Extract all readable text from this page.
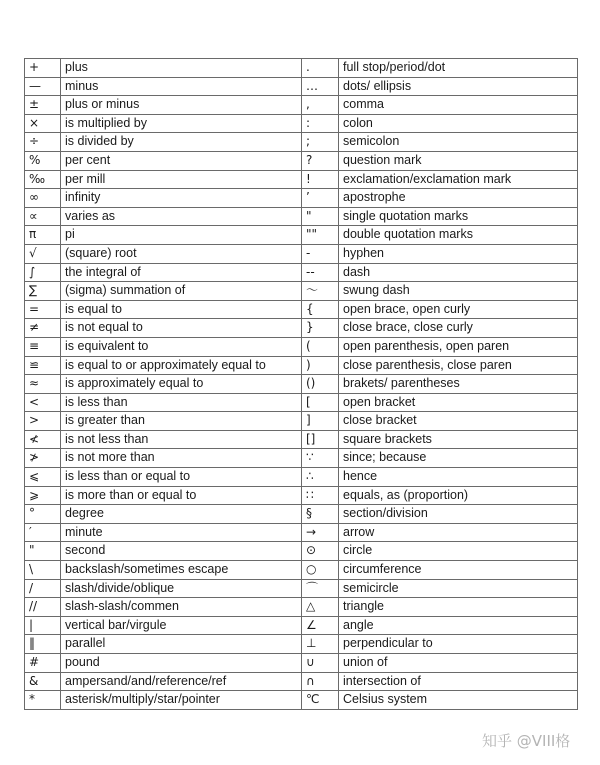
+	plus	.	full stop/period/dot
—	minus	…	dots/ ellipsis
±	plus or minus	,	comma
×	is multiplied by	:	colon
÷	is divided by	;	semicolon
%	per cent	?	question mark
‰	per mill	!	exclamation/exclamation mark
∞	infinity	’	apostrophe
∝	varies as	"	single quotation marks
π	pi	""	double quotation marks
√	(square) root	-	hyphen
∫	the integral of	--	dash
∑	(sigma) summation of	～	swung dash
=	is equal to	{	open brace, open curly
≠	is not equal to	}	close brace, close curly
≡	is equivalent to	(	open parenthesis, open paren
≌	is equal to or approximately equal to	)	close parenthesis, close paren
≈	is approximately equal to	()	brakets/ parentheses
<	is less than	[	open bracket
>	is greater than	]	close bracket
≮	is not less than	[]	square brackets
≯	is not more than	∵	since; because
⩽	is less than or equal to	∴	hence
⩾	is more than or equal to	∷	equals, as (proportion)
°	degree	§	section/division
′	minute	→	arrow
"	second	⊙	circle
\	backslash/sometimes escape	○	circumference
/	slash/divide/oblique	⌒	semicircle
//	slash-slash/commen	△	triangle
|	vertical bar/virgule	∠	angle
‖	parallel	⊥	perpendicular to
#	pound	∪	union of
&	ampersand/and/reference/ref	∩	intersection of
*	asterisk/multiply/star/pointer	℃	Celsius system
知乎 @VIII格
